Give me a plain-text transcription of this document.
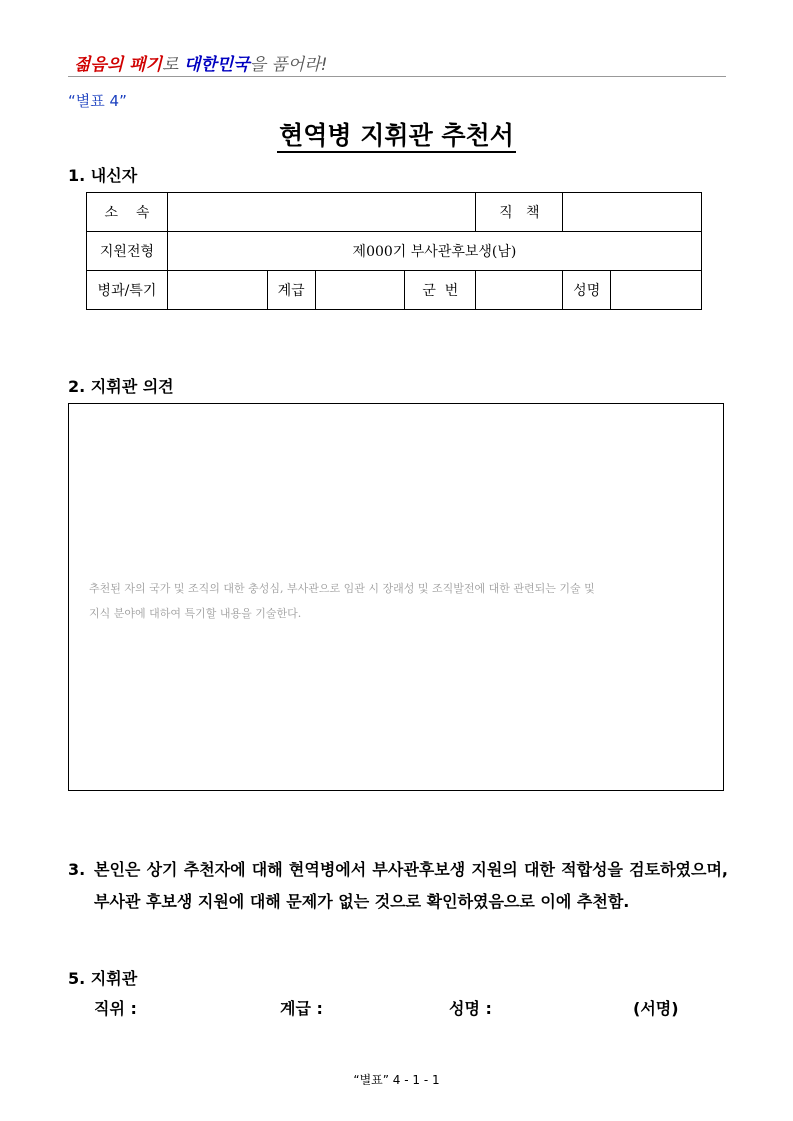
젊음의 패기로 대한민국을 품어라!
“별표 4”
현역병 지휘관 추천서
1. 내신자
소    속					직   책		
지원전형	제000기 부사관후보생(남)						
병과/특기		계급		군  번		성명	
2. 지휘관 의견
추천된 자의 국가 및 조직의 대한 충성심, 부사관으로 임관 시 장래성 및 조직발전에 대한 관련되는 기술 및
지식 분야에 대하여 특기할 내용을 기술한다.
3. 본인은 상기 추천자에 대해 현역병에서 부사관후보생 지원의 대한 적합성을 검토하였으며, 부사관 후보생 지원에 대해 문제가 없는 것으로 확인하였음으로 이에 추천함.
5. 지휘관
직위 :	계급 :	성명 :	(서명)
“별표” 4 - 1 - 1
